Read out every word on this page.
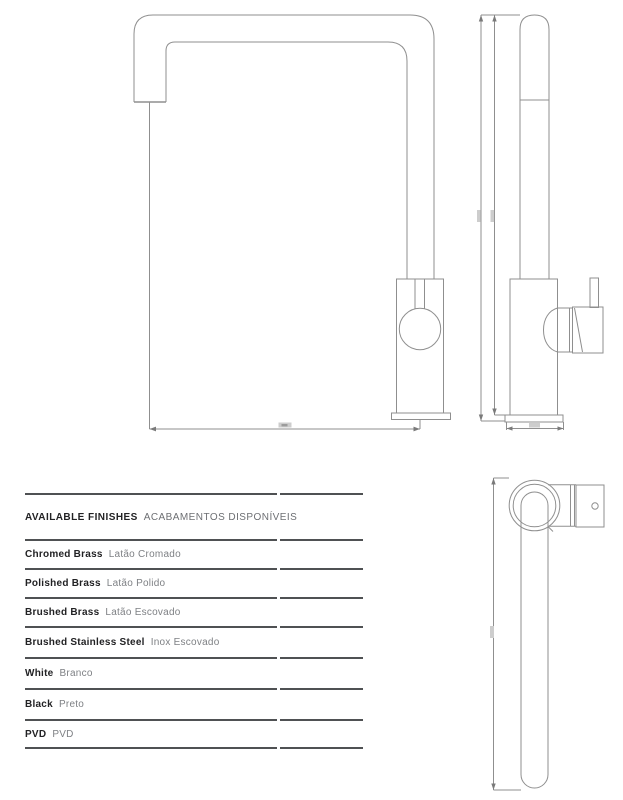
AVAILABLE FINISHES ACABAMENTOS DISPONÍVEIS
Chromed Brass Latão Cromado
Polished Brass Latão Polido
Brushed Brass Latão Escovado
Brushed Stainless Steel Inox Escovado
White Branco
Black Preto
PVD PVD
